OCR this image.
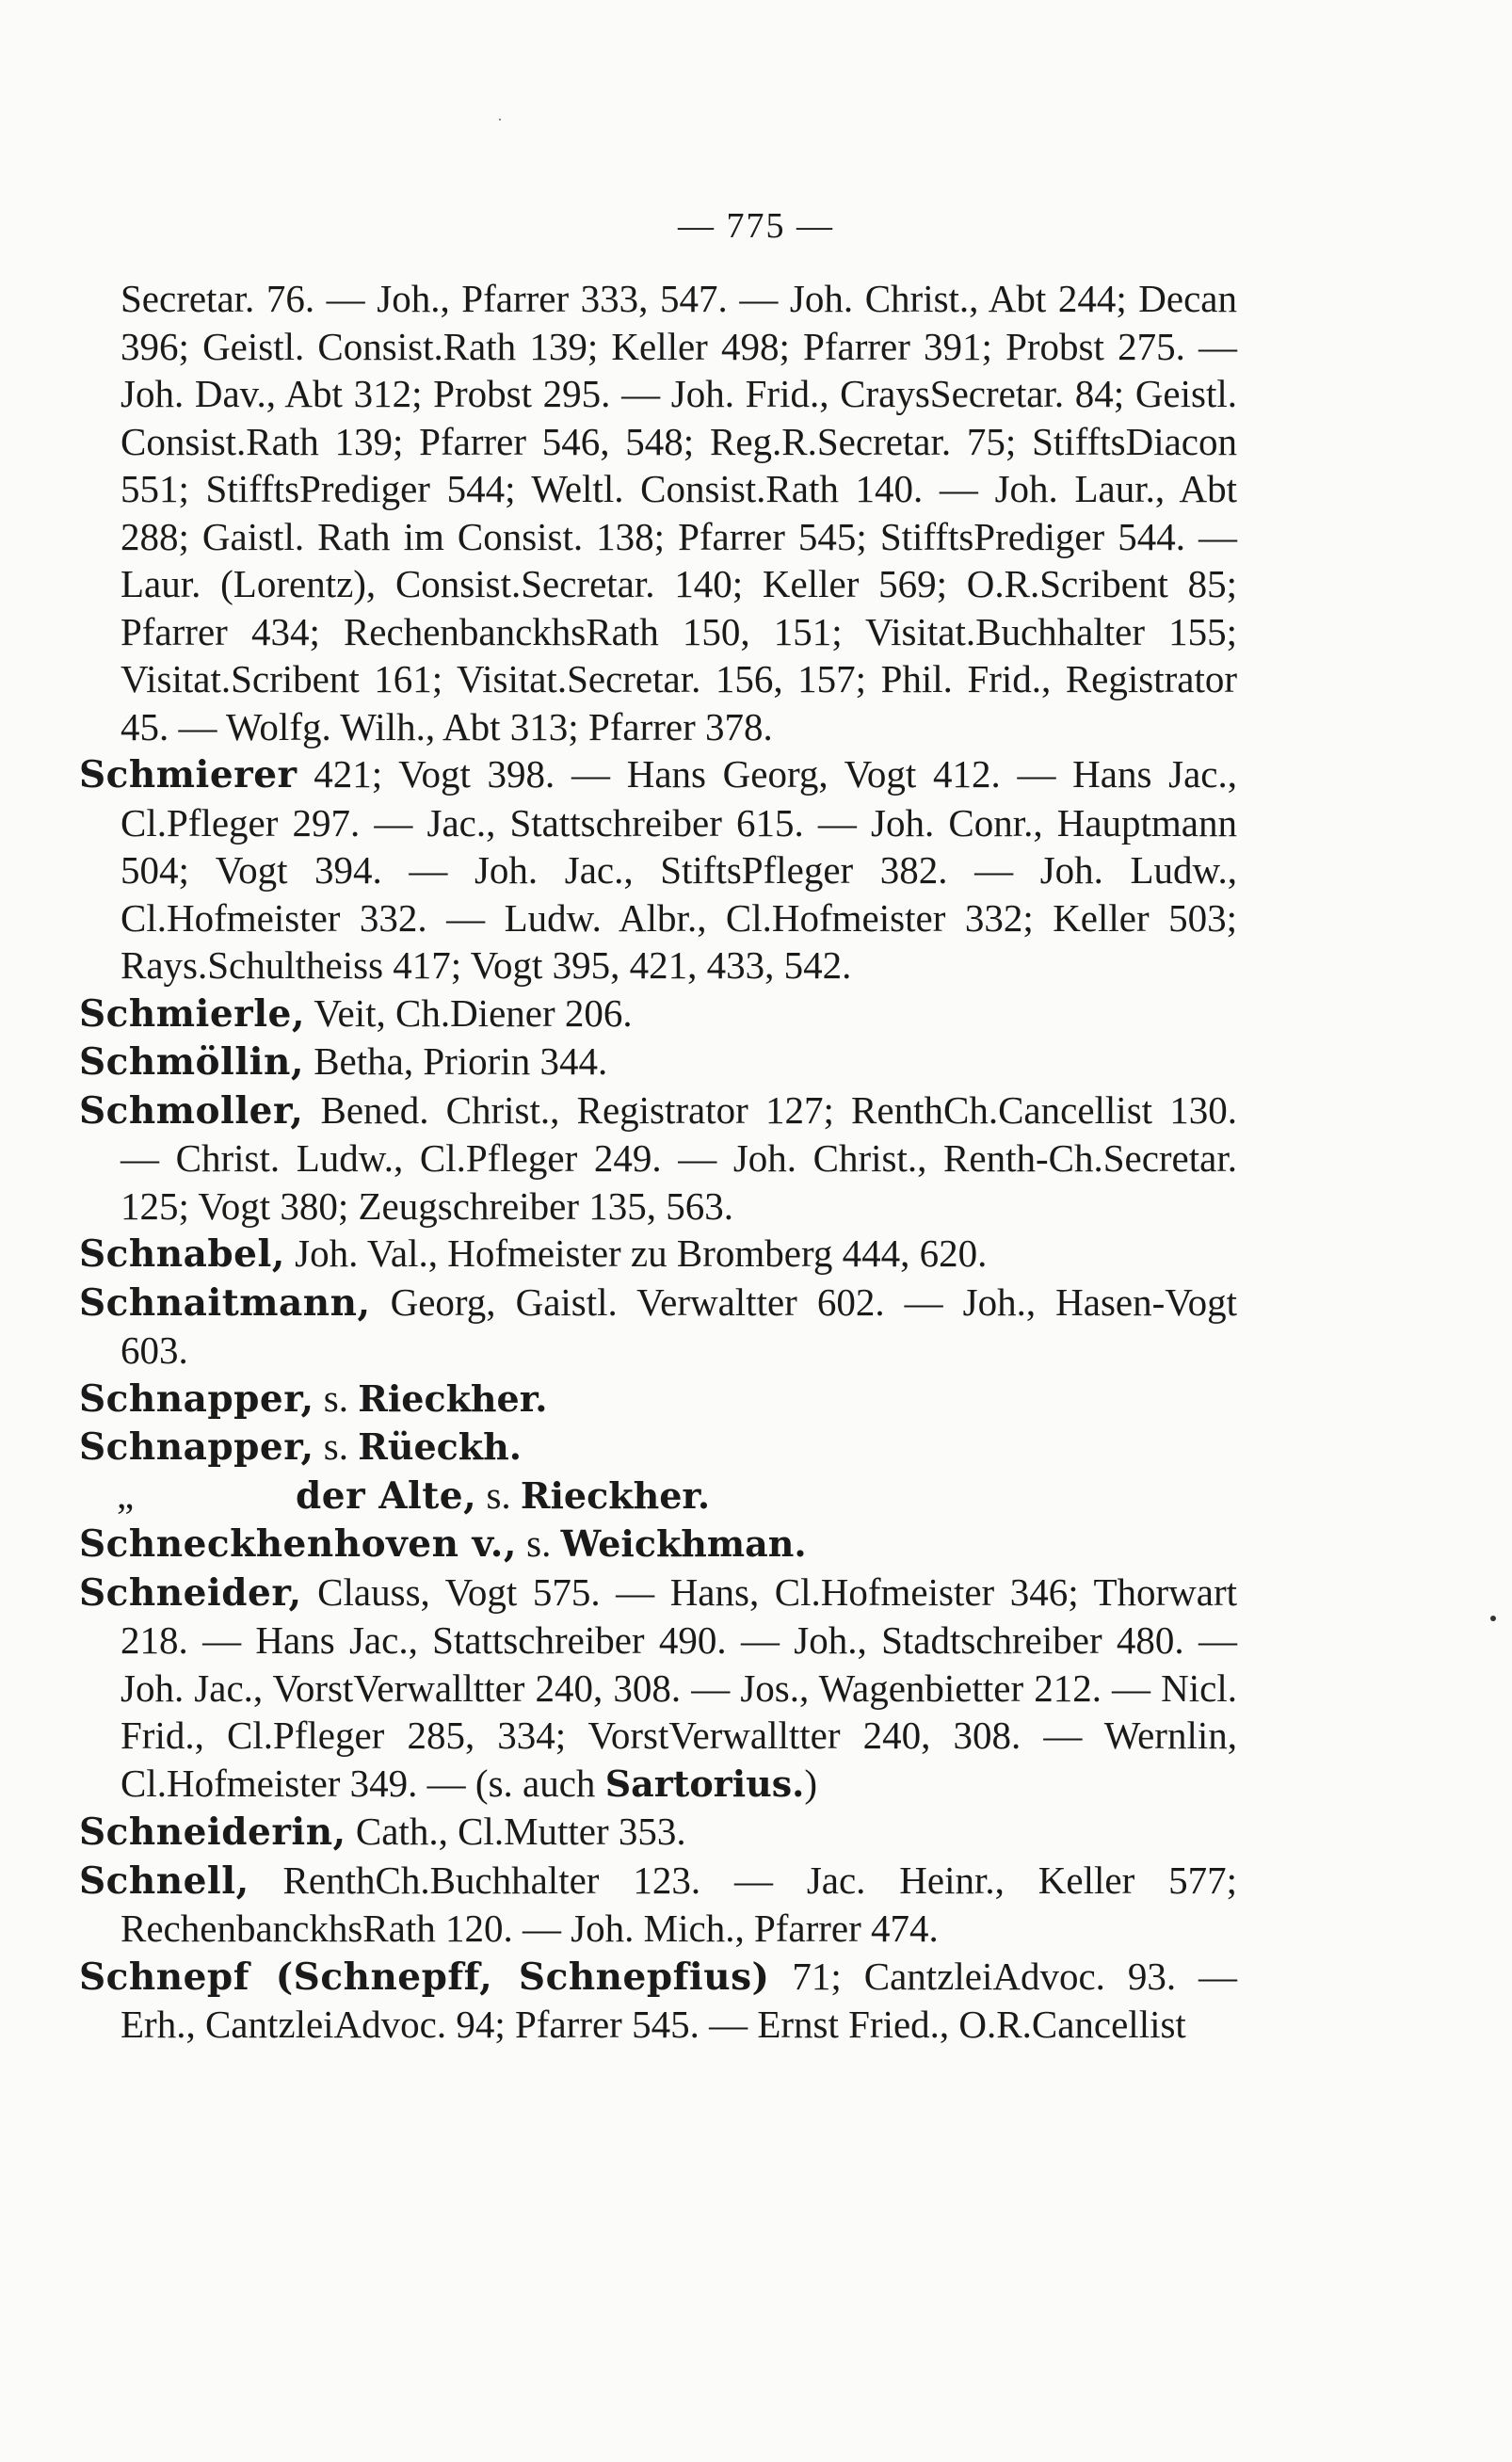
— 775 —

Secretar. 76. — Joh., Pfarrer 333, 547. — Joh. Christ., Abt 244; Decan 396; Geistl. Consist.Rath 139; Keller 498; Pfarrer 391; Probst 275. — Joh. Dav., Abt 312; Probst 295. — Joh. Frid., CraysSecretar. 84; Geistl. Consist.Rath 139; Pfarrer 546, 548; Reg.R.Secretar. 75; StifftsDiacon 551; StifftsPrediger 544; Weltl. Consist.Rath 140. — Joh. Laur., Abt 288; Gaistl. Rath im Consist. 138; Pfarrer 545; StifftsPrediger 544. — Laur. (Lorentz), Consist.Secretar. 140; Keller 569; O.R.Scribent 85; Pfarrer 434; RechenbanckhsRath 150, 151; Visitat.Buchhalter 155; Visitat.Scribent 161; Visitat.Secretar. 156, 157; Phil. Frid., Registrator 45. — Wolfg. Wilh., Abt 313; Pfarrer 378.

Schmierer 421; Vogt 398. — Hans Georg, Vogt 412. — Hans Jac., Cl.Pfleger 297. — Jac., Stattschreiber 615. — Joh. Conr., Hauptmann 504; Vogt 394. — Joh. Jac., StiftsPfleger 382. — Joh. Ludw., Cl.Hofmeister 332. — Ludw. Albr., Cl.Hofmeister 332; Keller 503; Rays.Schultheiss 417; Vogt 395, 421, 433, 542.

Schmierle, Veit, Ch.Diener 206.

Schmöllin, Betha, Priorin 344.

Schmoller, Bened. Christ., Registrator 127; RenthCh.Cancellist 130. — Christ. Ludw., Cl.Pfleger 249. — Joh. Christ., Renth-Ch.Secretar. 125; Vogt 380; Zeugschreiber 135, 563.

Schnabel, Joh. Val., Hofmeister zu Bromberg 444, 620.

Schnaitmann, Georg, Gaistl. Verwaltter 602. — Joh., Hasen-Vogt 603.

Schnapper, s. Rieckher.

Schnapper, s. Rüeckh.

„	der Alte, s. Rieckher.

Schneckhenhoven v., s. Weickhman.

Schneider, Clauss, Vogt 575. — Hans, Cl.Hofmeister 346; Thorwart 218. — Hans Jac., Stattschreiber 490. — Joh., Stadtschreiber 480. — Joh. Jac., VorstVerwalltter 240, 308. — Jos., Wagenbietter 212. — Nicl. Frid., Cl.Pfleger 285, 334; VorstVerwalltter 240, 308. — Wernlin, Cl.Hofmeister 349. — (s. auch Sartorius.)

Schneiderin, Cath., Cl.Mutter 353.

Schnell, RenthCh.Buchhalter 123. — Jac. Heinr., Keller 577; RechenbanckhsRath 120. — Joh. Mich., Pfarrer 474.

Schnepf (Schnepff, Schnepfius) 71; CantzleiAdvoc. 93. — Erh., CantzleiAdvoc. 94; Pfarrer 545. — Ernst Fried., O.R.Cancellist
